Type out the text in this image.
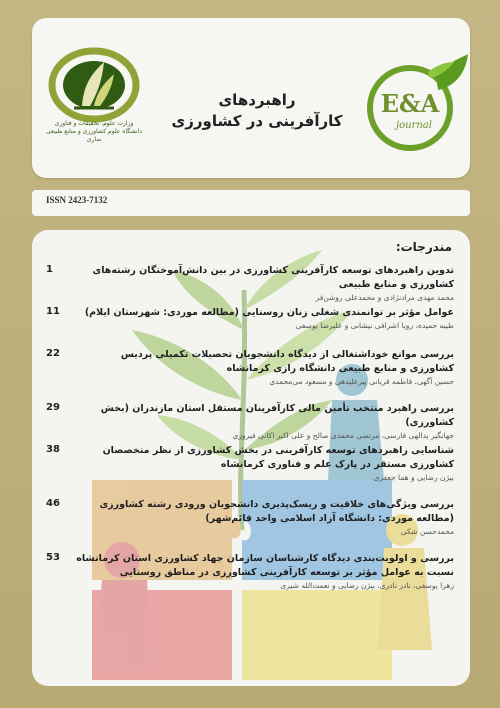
وزارت علوم، تحقیقات و فناوری
دانشگاه علوم کشاورزی و منابع طبیعی ساری
راهبردهای
کارآفرینی در کشاورزی
E&A
journal
ISSN 2423-7132
مندرجات:
1	تدوین راهبردهای توسعه کارآفرینی کشاورزی در بین دانش‌آموختگان رشته‌های کشاورزی و منابع طبیعی
محمد مهدی مرادنژادی و محمدعلی روشن‌فر
11	عوامل مؤثر بر توانمندی شغلی زنان روستایی (مطالعه موردی: شهرستان ایلام)
طیبه حمیده، رویا اشرافی نیشانی و علیرضا یوسفی
22	بررسی موانع خوداشتغالی از دیدگاه دانشجویان تحصیلات تکمیلی پردیس کشاورزی و منابع طبیعی دانشگاه رازی کرمانشاه
حسین آگهی، فاطمه قربانی پیرعلیدهی و مسعود می‌محمدی
29	بررسی راهبرد منتخب تأمین مالی کارآفرینان مستقل استان مازندران (بخش کشاورزی)
جهانگیر یدالهی فارسی، مرتضی محمدی صالح و علی اکبر اکانی فیروزی
38	شناسایی راهبردهای توسعه کارآفرینی در بخش کشاورزی از نظر متخصصان کشاورزی مستقر در پارک علم و فناوری کرمانشاه
بیژن رضایی و هما جعفری
46	بررسی ویژگی‌های خلاقیت و ریسک‌پذیری دانشجویان ورودی رشته کشاورزی (مطالعه موردی: دانشگاه آزاد اسلامی واحد قائم‌شهر)
محمدحسن شکی
53	بررسی و اولویت‌بندی دیدگاه کارشناسان سازمان جهاد کشاورزی استان کرمانشاه نسبت به عوامل مؤثر بر توسعه کارآفرینی کشاورزی در مناطق روستایی
زهرا یوسفی، نادر نادری، بیژن رضایی و نعمت‌الله شیری
